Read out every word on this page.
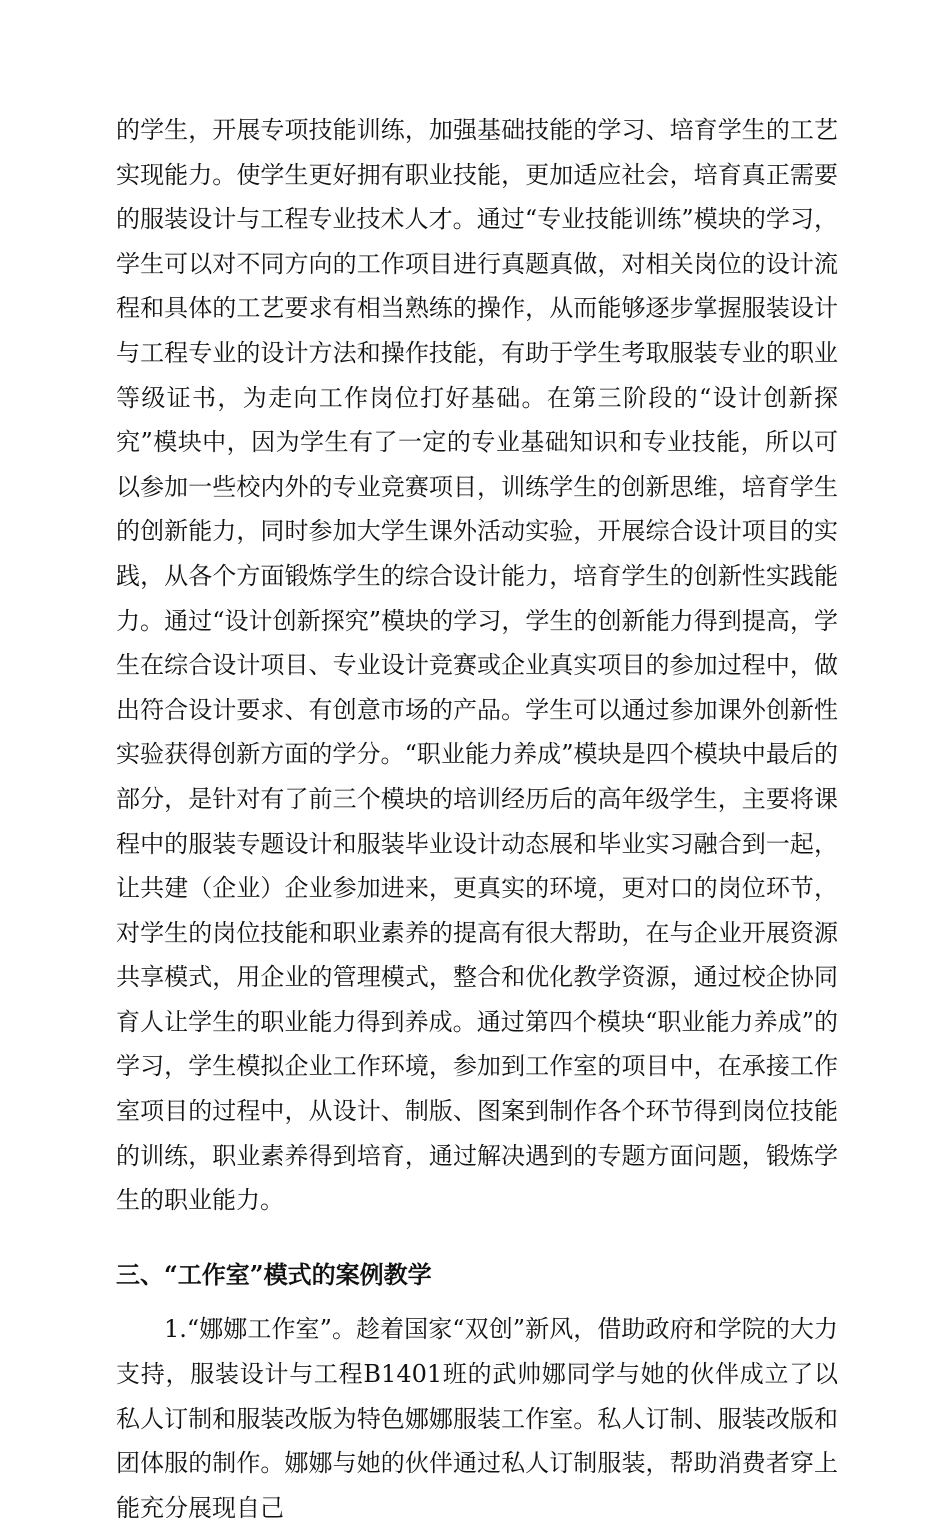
的学生，开展专项技能训练，加强基础技能的学习、培育学生的工艺实现能力。使学生更好拥有职业技能，更加适应社会，培育真正需要的服装设计与工程专业技术人才。通过“专业技能训练”模块的学习，学生可以对不同方向的工作项目进行真题真做，对相关岗位的设计流程和具体的工艺要求有相当熟练的操作，从而能够逐步掌握服装设计与工程专业的设计方法和操作技能，有助于学生考取服装专业的职业等级证书，为走向工作岗位打好基础。在第三阶段的“设计创新探究”模块中，因为学生有了一定的专业基础知识和专业技能，所以可以参加一些校内外的专业竞赛项目，训练学生的创新思维，培育学生的创新能力，同时参加大学生课外活动实验，开展综合设计项目的实践，从各个方面锻炼学生的综合设计能力，培育学生的创新性实践能力。通过“设计创新探究”模块的学习，学生的创新能力得到提高，学生在综合设计项目、专业设计竞赛或企业真实项目的参加过程中，做出符合设计要求、有创意市场的产品。学生可以通过参加课外创新性实验获得创新方面的学分。“职业能力养成”模块是四个模块中最后的部分，是针对有了前三个模块的培训经历后的高年级学生，主要将课程中的服装专题设计和服装毕业设计动态展和毕业实习融合到一起，让共建（企业）企业参加进来，更真实的环境，更对口的岗位环节，对学生的岗位技能和职业素养的提高有很大帮助，在与企业开展资源共享模式，用企业的管理模式，整合和优化教学资源，通过校企协同育人让学生的职业能力得到养成。通过第四个模块“职业能力养成”的学习，学生模拟企业工作环境，参加到工作室的项目中，在承接工作室项目的过程中，从设计、制版、图案到制作各个环节得到岗位技能的训练，职业素养得到培育，通过解决遇到的专题方面问题，锻炼学生的职业能力。

三、“工作室”模式的案例教学

1.“娜娜工作室”。趁着国家“双创”新风，借助政府和学院的大力支持，服装设计与工程B1401班的武帅娜同学与她的伙伴成立了以私人订制和服装改版为特色娜娜服装工作室。私人订制、服装改版和团体服的制作。娜娜与她的伙伴通过私人订制服装，帮助消费者穿上能充分展现自己
